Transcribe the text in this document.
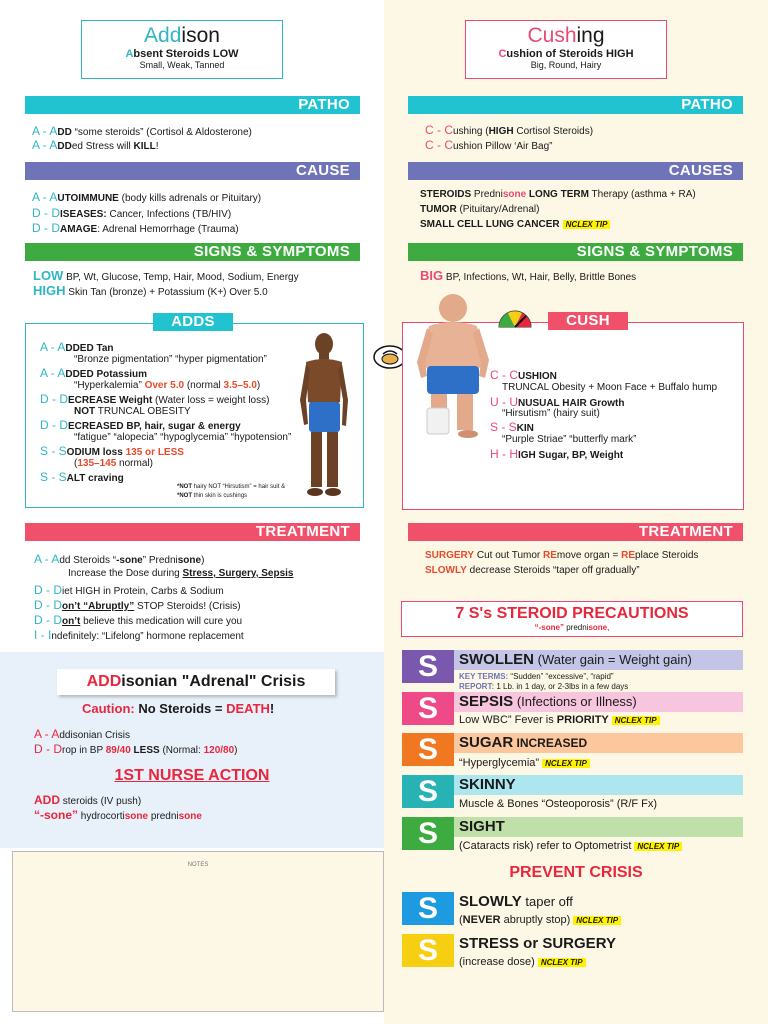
Addison
Absent Steroids LOW
Small, Weak, Tanned
Cushing
Cushion of Steroids HIGH
Big, Round, Hairy
PATHO
A - ADD “some steroids” (Cortisol & Aldosterone)
A - ADDed Stress will KILL!
CAUSE
A - AUTOIMMUNE (body kills adrenals or Pituitary)
D - DISEASES: Cancer, Infections (TB/HIV)
D - DAMAGE: Adrenal Hemorrhage (Trauma)
SIGNS & SYMPTOMS
LOW BP, Wt, Glucose, Temp, Hair, Mood, Sodium, Energy
HIGH Skin Tan (bronze) + Potassium (K+) Over 5.0
ADDS
A - ADDED Tan
“Bronze pigmentation” “hyper pigmentation”
A - ADDED Potassium
“Hyperkalemia” Over 5.0 (normal 3.5–5.0)
D - DECREASE Weight (Water loss = weight loss)
NOT TRUNCAL OBESITY
D - DECREASED BP, hair, sugar & energy
“fatigue” “alopecia” “hypoglycemia” “hypotension”
S - SODIUM loss 135 or LESS
(135–145 normal)
S - SALT craving
*NOT hairy NOT “Hirsutism” = hair suit &
*NOT thin skin is cushings
TREATMENT
A - Add Steroids “-sone” Prednisone)
Increase the Dose during Stress, Surgery, Sepsis
D - Diet HIGH in Protein, Carbs & Sodium
D - Don’t “Abruptly” STOP Steroids! (Crisis)
D - Don’t believe this medication will cure you
I - Indefinitely: “Lifelong” hormone replacement
ADDisonian "Adrenal" Crisis
Caution: No Steroids = DEATH!
A - Addisonian Crisis
D - Drop in BP 89/40 LESS (Normal: 120/80)
1ST NURSE ACTION
ADD steroids (IV push)
“-sone” hydrocortisone prednisone
NOTES
PATHO
C - Cushing (HIGH Cortisol Steroids)
C - Cushion Pillow ‘Air Bag”
CAUSES
STEROIDS Prednisone LONG TERM Therapy (asthma + RA)
TUMOR (Pituitary/Adrenal)
SMALL CELL LUNG CANCER NCLEX TIP
SIGNS & SYMPTOMS
BIG BP, Infections, Wt, Hair, Belly, Brittle Bones
CUSH
C - CUSHION
TRUNCAL Obesity + Moon Face + Buffalo hump
U - UNUSUAL HAIR Growth
“Hirsutism” (hairy suit)
S - SKIN
“Purple Striae” “butterfly mark”
H - HIGH Sugar, BP, Weight
TREATMENT
SURGERY Cut out Tumor REmove organ = REplace Steroids
SLOWLY decrease Steroids “taper off gradually”
7 S's STEROID PRECAUTIONS
“-sone” prednisone,
S	SWOLLEN (Water gain = Weight gain)
KEY TERMS: “Sudden” “excessive”, “rapid”
REPORT: 1 Lb. in 1 day, or 2-3lbs in a few days
S	SEPSIS (Infections or Illness)
Low WBC” Fever is PRIORITY NCLEX TIP
S	SUGAR INCREASED
“Hyperglycemia” NCLEX TIP
S	SKINNY
Muscle & Bones “Osteoporosis” (R/F Fx)
S	SIGHT
(Cataracts risk) refer to Optometrist NCLEX TIP
PREVENT CRISIS
S	SLOWLY taper off
(NEVER abruptly stop) NCLEX TIP
S	STRESS or SURGERY
(increase dose) NCLEX TIP
